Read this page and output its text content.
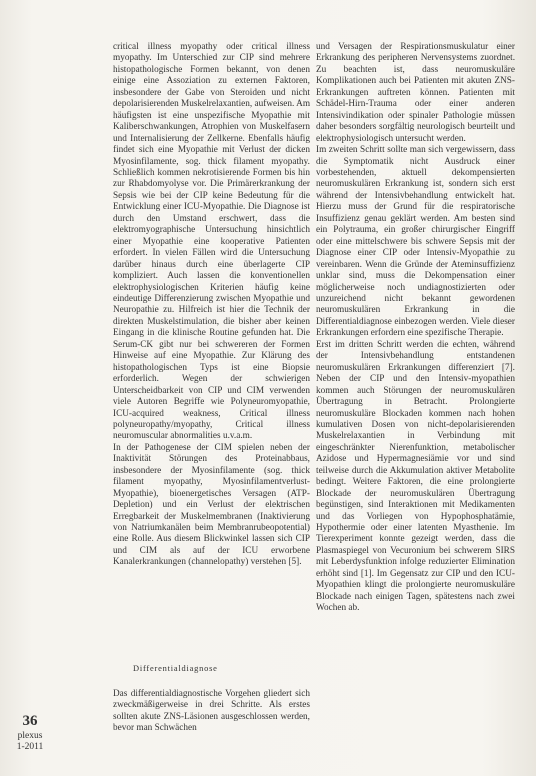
critical illness myopathy oder critical illness myopathy. Im Unterschied zur CIP sind mehrere histopathologische Formen bekannt, von denen einige eine Assoziation zu externen Faktoren, insbesondere der Gabe von Steroiden und nicht depolarisierenden Muskelrelaxantien, aufweisen. Am häufigsten ist eine unspezifische Myopathie mit Kaliberschwankungen, Atrophien von Muskelfasern und Internalisierung der Zellkerne. Ebenfalls häufig findet sich eine Myopathie mit Verlust der dicken Myosinfilamente, sog. thick filament myopathy. Schließlich kommen nekrotisierende Formen bis hin zur Rhabdomyolyse vor. Die Primärerkrankung der Sepsis wie bei der CIP keine Bedeutung für die Entwicklung einer ICU-Myopathie. Die Diagnose ist durch den Umstand erschwert, dass die elektromyographische Untersuchung hinsichtlich einer Myopathie eine kooperative Patienten erfordert. In vielen Fällen wird die Untersuchung darüber hinaus durch eine überlagerte CIP kompliziert. Auch lassen die konventionellen elektrophysiologischen Kriterien häufig keine eindeutige Differenzierung zwischen Myopathie und Neuropathie zu. Hilfreich ist hier die Technik der direkten Muskelstimulation, die bisher aber keinen Eingang in die klinische Routine gefunden hat. Die Serum-CK gibt nur bei schwereren der Formen Hinweise auf eine Myopathie. Zur Klärung des histopathologischen Typs ist eine Biopsie erforderlich. Wegen der schwierigen Unterscheidbarkeit von CIP und CIM verwenden viele Autoren Begriffe wie Polyneuromyopathie, ICU-acquired weakness, Critical illness polyneuropathy/myopathy, Critical illness neuromuscular abnormalities u.v.a.m.

In der Pathogenese der CIM spielen neben der Inaktivität Störungen des Proteinabbaus, insbesondere der Myosinfilamente (sog. thick filament myopathy, Myosinfilamentverlust-Myopathie), bioenergetisches Versagen (ATP-Depletion) und ein Verlust der elektrischen Erregbarkeit der Muskelmembranen (Inaktivierung von Natriumkanälen beim Membranrubeopotential) eine Rolle. Aus diesem Blickwinkel lassen sich CIP und CIM als auf der ICU erworbene Kanalerkrankungen (channelopathy) verstehen [5].

Differentialdiagnose
Das differentialdiagnostische Vorgehen gliedert sich zweckmäßigerweise in drei Schritte. Als erstes sollten akute ZNS-Läsionen ausgeschlossen werden, bevor man Schwächen

und Versagen der Respirationsmuskulatur einer Erkrankung des peripheren Nervensystems zuordnet. Zu beachten ist, dass neuromuskuläre Komplikationen auch bei Patienten mit akuten ZNS-Erkrankungen auftreten können. Patienten mit Schädel-Hirn-Trauma oder einer anderen Intensivindikation oder spinaler Pathologie müssen daher besonders sorgfältig neurologisch beurteilt und elektrophysiologisch untersucht werden.

Im zweiten Schritt sollte man sich vergewissern, dass die Symptomatik nicht Ausdruck einer vorbestehenden, aktuell dekompensierten neuromuskulären Erkrankung ist, sondern sich erst während der Intensivbehandlung entwickelt hat. Hierzu muss der Grund für die respiratorische Insuffizienz genau geklärt werden. Am besten sind ein Polytrauma, ein großer chirurgischer Eingriff oder eine mittelschwere bis schwere Sepsis mit der Diagnose einer CIP oder Intensiv-Myopathie zu vereinbaren. Wenn die Gründe der Ateminsuffizienz unklar sind, muss die Dekompensation einer möglicherweise noch undiagnostizierten oder unzureichend nicht bekannt gewordenen neuromuskulären Erkrankung in die Differentialdiagnose einbezogen werden. Viele dieser Erkrankungen erfordern eine spezifische Therapie.

Erst im dritten Schritt werden die echten, während der Intensivbehandlung entstandenen neuromuskulären Erkrankungen differenziert [7]. Neben der CIP und den Intensiv-myopathien kommen auch Störungen der neuromuskulären Übertragung in Betracht. Prolongierte neuromuskuläre Blockaden kommen nach hohen kumulativen Dosen von nicht-depolarisierenden Muskelrelaxantien in Verbindung mit eingeschränkter Nierenfunktion, metabolischer Azidose und Hypermagnesiämie vor und sind teilweise durch die Akkumulation aktiver Metabolite bedingt. Weitere Faktoren, die eine prolongierte Blockade der neuromuskulären Übertragung begünstigen, sind Interaktionen mit Medikamenten und das Vorliegen von Hypophosphatämie, Hypothermie oder einer latenten Myasthenie. Im Tierexperiment konnte gezeigt werden, dass die Plasmaspiegel von Vecuronium bei schwerem SIRS mit Leberdysfunktion infolge reduzierter Elimination erhöht sind [1]. Im Gegensatz zur CIP und den ICU-Myopathien klingt die prolongierte neuromuskuläre Blockade nach einigen Tagen, spätestens nach zwei Wochen ab.

36
plexus
1-2011
